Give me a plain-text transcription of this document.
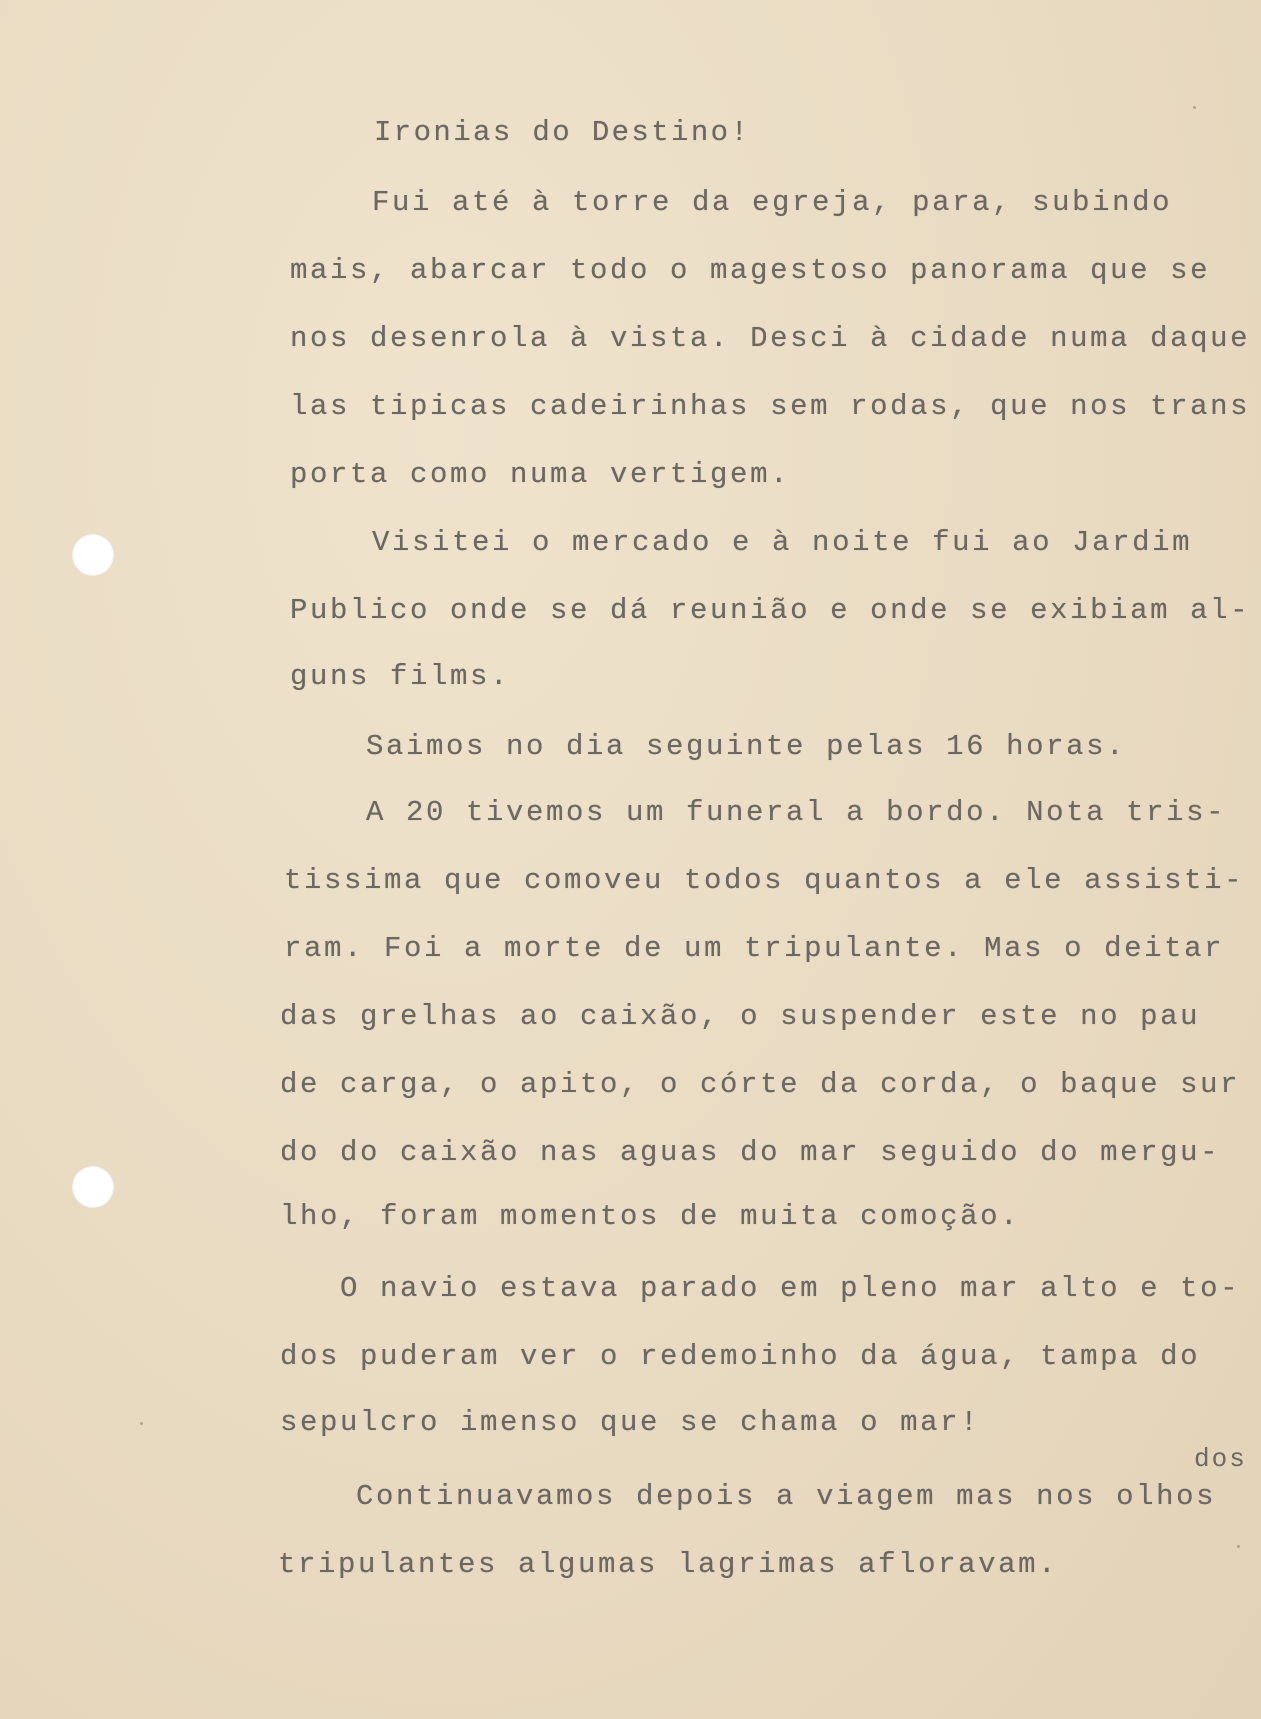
Ironias do Destino!
Fui até à torre da egreja, para, subindo
mais, abarcar todo o magestoso panorama que se
nos desenrola à vista. Desci à cidade numa daque
las tipicas cadeirinhas sem rodas, que nos trans
porta como numa vertigem.
Visitei o mercado e à noite fui ao Jardim
Publico onde se dá reunião e onde se exibiam al-
guns films.
Saimos no dia seguinte pelas 16 horas.
A 20 tivemos um funeral a bordo. Nota tris-
tissima que comoveu todos quantos a ele assisti-
ram. Foi a morte de um tripulante. Mas o deitar
das grelhas ao caixão, o suspender este no pau
de carga, o apito, o córte da corda, o baque sur
do do caixão nas aguas do mar seguido do mergu-
lho, foram momentos de muita comoção.
O navio estava parado em pleno mar alto e to-
dos puderam ver o redemoinho da água, tampa do
sepulcro imenso que se chama o mar!
dos
Continuavamos depois a viagem mas nos olhos
tripulantes algumas lagrimas afloravam.
